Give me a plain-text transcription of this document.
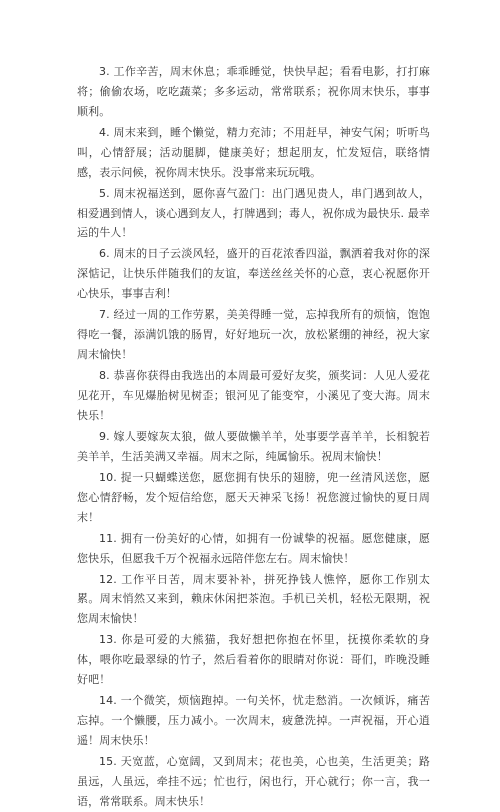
3. 工作辛苦，周末休息；乖乖睡觉，快快早起；看看电影，打打麻将；偷偷农场，吃吃蔬菜；多多运动，常常联系；祝你周末快乐，事事顺利。

4. 周末来到，睡个懒觉，精力充沛；不用赶早，神安气闲；听听鸟叫，心情舒展；活动腿脚，健康美好；想起朋友，忙发短信，联络情感，表示问候，祝你周末快乐。没事常来玩玩哦。

5. 周末祝福送到，愿你喜气盈门：出门遇见贵人，串门遇到故人，相爱遇到情人，谈心遇到友人，打牌遇到；毒人，祝你成为最快乐. 最幸运的牛人！

6. 周末的日子云淡风轻，盛开的百花浓香四溢，飘洒着我对你的深深惦记，让快乐伴随我们的友谊，奉送丝丝关怀的心意，衷心祝愿你开心快乐，事事吉利！

7. 经过一周的工作劳累，美美得睡一觉，忘掉我所有的烦恼，饱饱得吃一餐，添满饥饿的肠胃，好好地玩一次，放松紧绷的神经，祝大家周末愉快！

8. 恭喜你获得由我选出的本周最可爱好友奖，颁奖词：人见人爱花见花开，车见爆胎树见树歪；银河见了能变窄，小溪见了变大海。周末快乐！

9. 嫁人要嫁灰太狼，做人要做懒羊羊，处事要学喜羊羊，长相貌若美羊羊，生活美满又幸福。周末之际，纯属愉乐。祝周末愉快！

10. 捉一只蝴蝶送您，愿您拥有快乐的翅膀，兜一丝清风送您，愿您心情舒畅，发个短信给您，愿天天神采飞扬！祝您渡过愉快的夏日周末！

11. 拥有一份美好的心情，如拥有一份诚挚的祝福。愿您健康，愿您快乐，但愿我千万个祝福永远陪伴您左右。周末愉快！

12. 工作平日苦，周末要补补，拼死挣钱人憔悴，愿你工作别太累。周末悄然又来到，赖床休闲把茶泡。手机已关机，轻松无限期，祝您周末愉快！

13. 你是可爱的大熊猫，我好想把你抱在怀里，抚摸你柔软的身体，喂你吃最翠绿的竹子，然后看着你的眼睛对你说：哥们，昨晚没睡好吧！

14. 一个微笑，烦恼跑掉。一句关怀，忧走愁消。一次倾诉，痛苦忘掉。一个懒腰，压力减小。一次周末，疲惫洗掉。一声祝福，开心逍遥！周末快乐！

15. 天宽蓝，心宽阔，又到周末；花也美，心也美，生活更美；路虽远，人虽远，牵挂不远；忙也行，闲也行，开心就行；你一言，我一语，常常联系。周末快乐！
